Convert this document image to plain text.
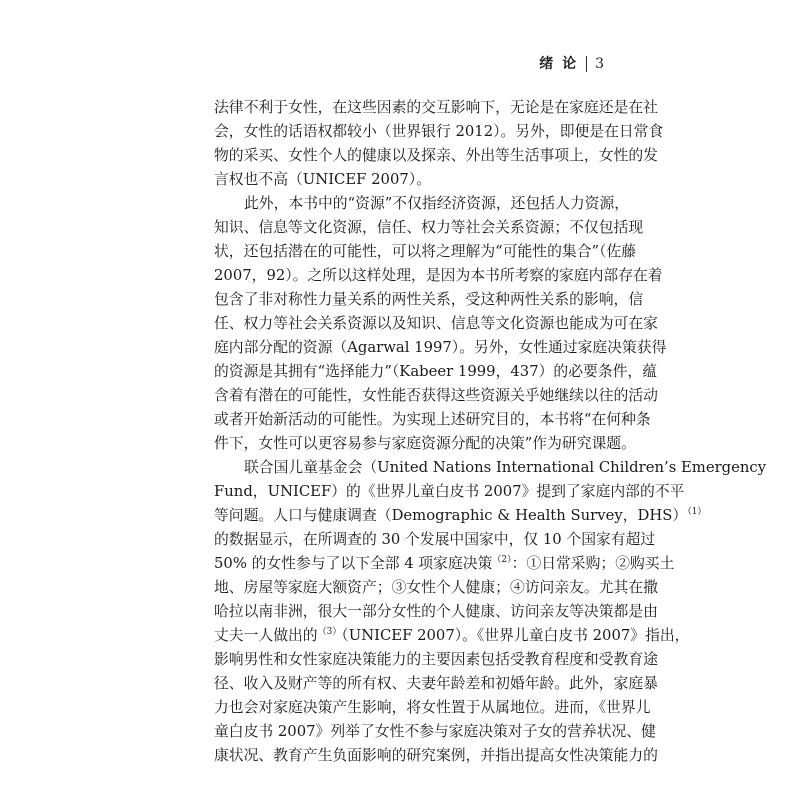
绪 论 3

法律不利于女性，在这些因素的交互影响下，无论是在家庭还是在社
会，女性的话语权都较小（世界银行 2012）。另外，即便是在日常食
物的采买、女性个人的健康以及探亲、外出等生活事项上，女性的发
言权也不高（UNICEF 2007）。

此外，本书中的“资源”不仅指经济资源，还包括人力资源，
知识、信息等文化资源，信任、权力等社会关系资源；不仅包括现
状，还包括潜在的可能性，可以将之理解为“可能性的集合”（佐藤
2007，92）。之所以这样处理，是因为本书所考察的家庭内部存在着
包含了非对称性力量关系的两性关系，受这种两性关系的影响，信
任、权力等社会关系资源以及知识、信息等文化资源也能成为可在家
庭内部分配的资源（Agarwal 1997）。另外，女性通过家庭决策获得
的资源是其拥有“选择能力”（Kabeer 1999，437）的必要条件，蕴
含着有潜在的可能性，女性能否获得这些资源关乎她继续以往的活动
或者开始新活动的可能性。为实现上述研究目的，本书将“在何种条
件下，女性可以更容易参与家庭资源分配的决策”作为研究课题。

联合国儿童基金会（United Nations International Children’s Emergency
Fund，UNICEF）的《世界儿童白皮书 2007》提到了家庭内部的不平
等问题。人口与健康调查（Demographic & Health Survey，DHS）$^{(1)}$
的数据显示，在所调查的 30 个发展中国家中，仅 10 个国家有超过
50% 的女性参与了以下全部 4 项家庭决策$^{(2)}$：①日常采购；②购买土
地、房屋等家庭大额资产；③女性个人健康；④访问亲友。尤其在撒
哈拉以南非洲，很大一部分女性的个人健康、访问亲友等决策都是由
丈夫一人做出的$^{(3)}$（UNICEF 2007）。《世界儿童白皮书 2007》指出，
影响男性和女性家庭决策能力的主要因素包括受教育程度和受教育途
径、收入及财产等的所有权、夫妻年龄差和初婚年龄。此外，家庭暴
力也会对家庭决策产生影响，将女性置于从属地位。进而，《世界儿
童白皮书 2007》列举了女性不参与家庭决策对子女的营养状况、健
康状况、教育产生负面影响的研究案例，并指出提高女性决策能力的
